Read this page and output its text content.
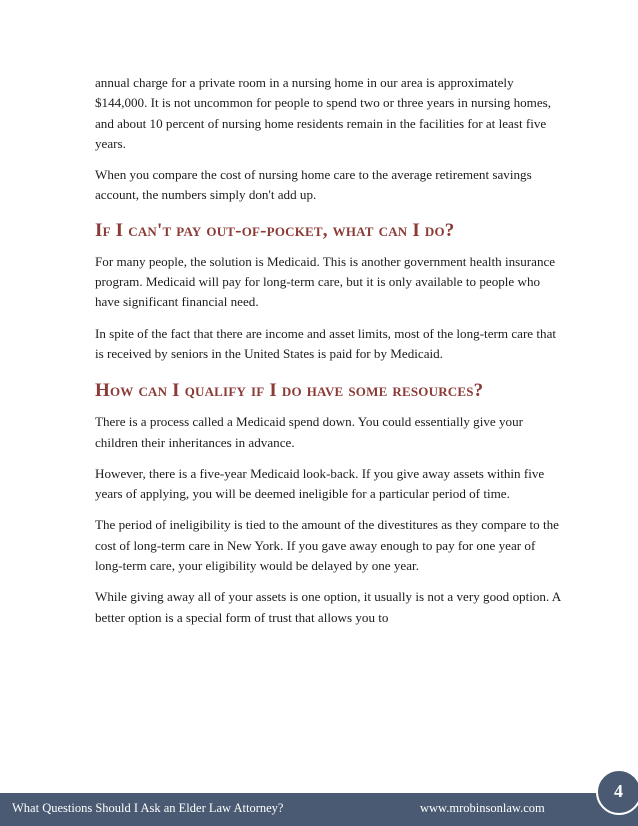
annual charge for a private room in a nursing home in our area is approximately $144,000. It is not uncommon for people to spend two or three years in nursing homes, and about 10 percent of nursing home residents remain in the facilities for at least five years.

When you compare the cost of nursing home care to the average retirement savings account, the numbers simply don't add up.

If I can't pay out-of-pocket, what can I do?

For many people, the solution is Medicaid. This is another government health insurance program. Medicaid will pay for long-term care, but it is only available to people who have significant financial need.

In spite of the fact that there are income and asset limits, most of the long-term care that is received by seniors in the United States is paid for by Medicaid.

How can I qualify if I do have some resources?

There is a process called a Medicaid spend down. You could essentially give your children their inheritances in advance.

However, there is a five-year Medicaid look-back. If you give away assets within five years of applying, you will be deemed ineligible for a particular period of time.

The period of ineligibility is tied to the amount of the divestitures as they compare to the cost of long-term care in New York. If you gave away enough to pay for one year of long-term care, your eligibility would be delayed by one year.

While giving away all of your assets is one option, it usually is not a very good option. A better option is a special form of trust that allows you to

What Questions Should I Ask an Elder Law Attorney?	www.mrobinsonlaw.com
4
